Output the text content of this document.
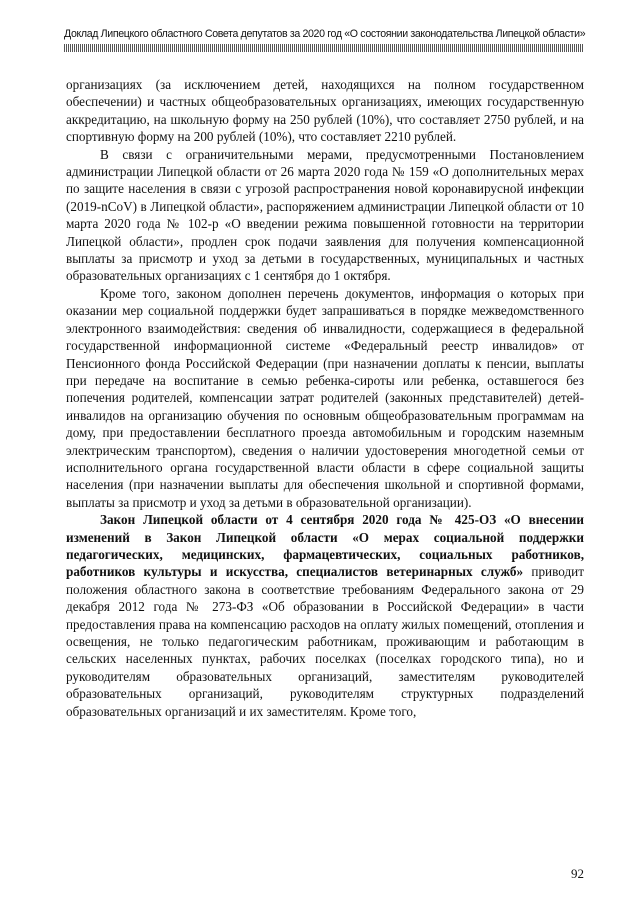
Доклад Липецкого областного Совета депутатов за 2020 год «О состоянии законодательства Липецкой области»

организациях (за исключением детей, находящихся на полном государственном обеспечении) и частных общеобразовательных организациях, имеющих государственную аккредитацию, на школьную форму на 250 рублей (10%), что составляет 2750 рублей, и на спортивную форму на 200 рублей (10%), что составляет 2210 рублей.

В связи с ограничительными мерами, предусмотренными Постановлением администрации Липецкой области от 26 марта 2020 года № 159 «О дополнительных мерах по защите населения в связи с угрозой распространения новой коронавирусной инфекции (2019-nCoV) в Липецкой области», распоряжением администрации Липецкой области от 10 марта 2020 года № 102-р «О введении режима повышенной готовности на территории Липецкой области», продлен срок подачи заявления для получения компенсационной выплаты за присмотр и уход за детьми в государственных, муниципальных и частных образовательных организациях с 1 сентября до 1 октября.

Кроме того, законом дополнен перечень документов, информация о которых при оказании мер социальной поддержки будет запрашиваться в порядке межведомственного электронного взаимодействия: сведения об инвалидности, содержащиеся в федеральной государственной информационной системе «Федеральный реестр инвалидов» от Пенсионного фонда Российской Федерации (при назначении доплаты к пенсии, выплаты при передаче на воспитание в семью ребенка-сироты или ребенка, оставшегося без попечения родителей, компенсации затрат родителей (законных представителей) детей-инвалидов на организацию обучения по основным общеобразовательным программам на дому, при предоставлении бесплатного проезда автомобильным и городским наземным электрическим транспортом), сведения о наличии удостоверения многодетной семьи от исполнительного органа государственной власти области в сфере социальной защиты населения (при назначении выплаты для обеспечения школьной и спортивной формами, выплаты за присмотр и уход за детьми в образовательной организации).

Закон Липецкой области от 4 сентября 2020 года № 425-ОЗ «О внесении изменений в Закон Липецкой области «О мерах социальной поддержки педагогических, медицинских, фармацевтических, социальных работников, работников культуры и искусства, специалистов ветеринарных служб» приводит положения областного закона в соответствие требованиям Федерального закона от 29 декабря 2012 года № 273-ФЗ «Об образовании в Российской Федерации» в части предоставления права на компенсацию расходов на оплату жилых помещений, отопления и освещения, не только педагогическим работникам, проживающим и работающим в сельских населенных пунктах, рабочих поселках (поселках городского типа), но и руководителям образовательных организаций, заместителям руководителей образовательных организаций, руководителям структурных подразделений образовательных организаций и их заместителям. Кроме того,

92
